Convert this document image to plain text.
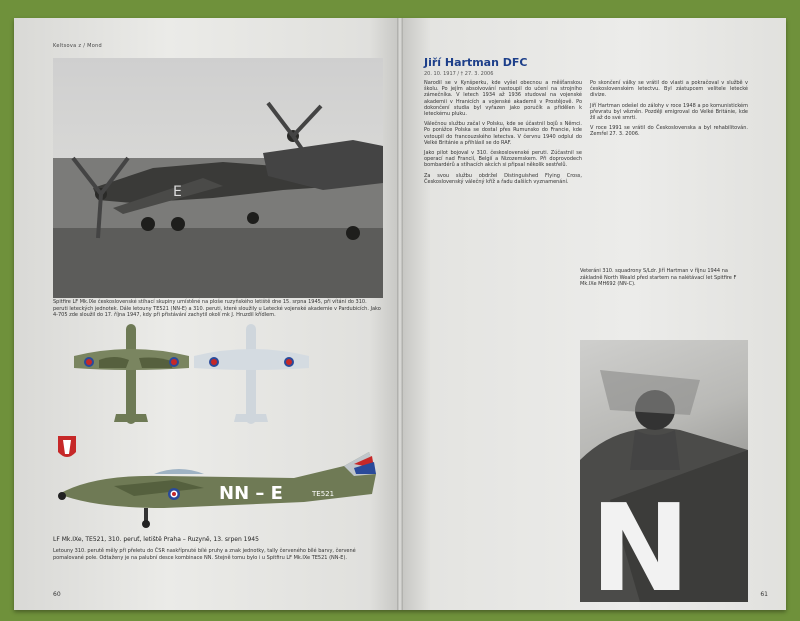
Keltsova z / Mond
E
Spitfire LF Mk.IXe československé stíhací skupiny umístěné na ploše ruzyňského letiště dne 15. srpna 1945, při vítání do 310. peruti leteckých jednotek. Dále letouny TE521 (NN-E) a 310. peruti, které sloužily u Letecké vojenské akademie v Pardubicích. Jako 4-705 zde sloužil do 17. října 1947, kdy při přistávání zachytil okolí mk J. Hruzdil křídlem.
NN – E	TE521
LF Mk.IXe, TE521, 310. peruť, letiště Praha – Ruzyně, 13. srpen 1945
Letouny 310. perutě měly při přeletu do ČSR naskřípnuté bílé pruhy a znak jednotky, tally červeného bílé barvy, červené pomalované pole. Odtaženy je na palubní desce kombinace NN. Stejně tomu bylo i u Spitfiru LF Mk.IXe TE521 (NN-E).
60
Jiří Hartman DFC
20. 10. 1917 / † 27. 3. 2006

Narodil se v Kynšperku, kde vyšel obecnou a měšťanskou školu. Po jejím absolvování nastoupil do učení na strojního zámečníka. V letech 1934 až 1936 studoval na vojenské akademii v Hranicích a vojenské akademii v Prostějově. Po dokončení studia byl vyřazen jako poručík a přidělen k leteckému pluku.

Válečnou službu začal v Polsku, kde se účastnil bojů s Němci. Po porážce Polska se dostal přes Rumunsko do Francie, kde vstoupil do francouzského letectva. V červnu 1940 odplul do Velké Británie a přihlásil se do RAF.

Jako pilot bojoval v 310. československé peruti. Zúčastnil se operací nad Francií, Belgií a Nizozemskem. Při doprovodech bombardérů a stíhacích akcích si připsal několik sestřelů.

Za svou službu obdržel Distinguished Flying Cross, Československý válečný kříž a řadu dalších vyznamenání.

Po skončení války se vrátil do vlasti a pokračoval v službě v československém letectvu. Byl zástupcem velitele letecké divize.

Jiří Hartman odešel do zálohy v roce 1948 a po komunistickém převratu byl vězněn. Později emigroval do Velké Británie, kde žil až do své smrti.

V roce 1991 se vrátil do Československa a byl rehabilitován. Zemřel 27. 3. 2006.

Veteráni 310. squadrony S/Ldr. Jiří Hartman v říjnu 1944 na základně North Weald před startem na nalétávací let Spitfire F Mk.IXe MH692 (NN-C).
N	61
